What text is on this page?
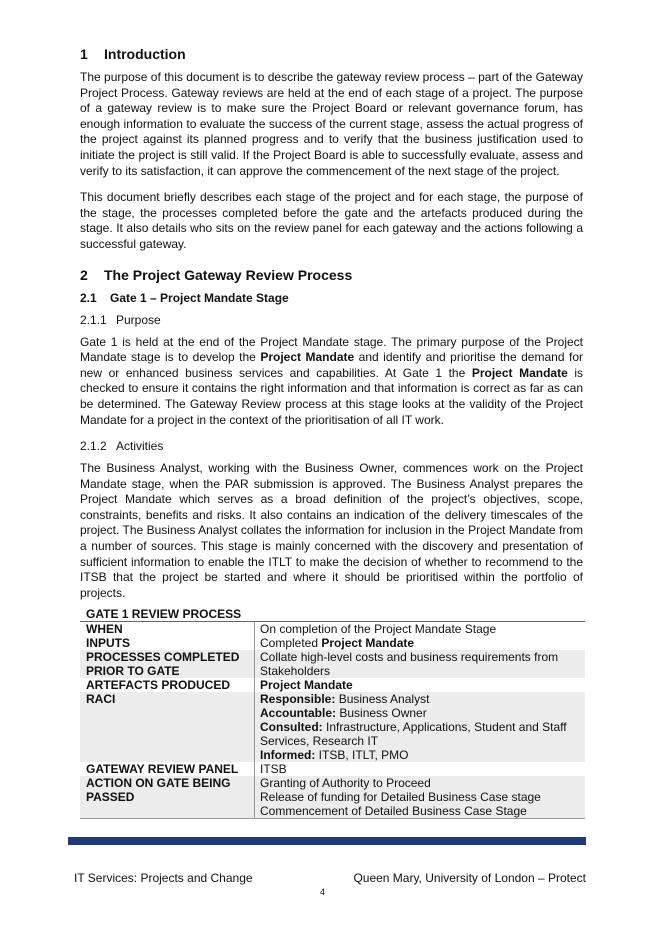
1 Introduction

The purpose of this document is to describe the gateway review process – part of the Gateway Project Process. Gateway reviews are held at the end of each stage of a project. The purpose of a gateway review is to make sure the Project Board or relevant governance forum, has enough information to evaluate the success of the current stage, assess the actual progress of the project against its planned progress and to verify that the business justification used to initiate the project is still valid. If the Project Board is able to successfully evaluate, assess and verify to its satisfaction, it can approve the commencement of the next stage of the project.

This document briefly describes each stage of the project and for each stage, the purpose of the stage, the processes completed before the gate and the artefacts produced during the stage. It also details who sits on the review panel for each gateway and the actions following a successful gateway.

2 The Project Gateway Review Process
2.1 Gate 1 – Project Mandate Stage
2.1.1 Purpose

Gate 1 is held at the end of the Project Mandate stage. The primary purpose of the Project Mandate stage is to develop the Project Mandate and identify and prioritise the demand for new or enhanced business services and capabilities. At Gate 1 the Project Mandate is checked to ensure it contains the right information and that information is correct as far as can be determined. The Gateway Review process at this stage looks at the validity of the Project Mandate for a project in the context of the prioritisation of all IT work.

2.1.2 Activities

The Business Analyst, working with the Business Owner, commences work on the Project Mandate stage, when the PAR submission is approved. The Business Analyst prepares the Project Mandate which serves as a broad definition of the project’s objectives, scope, constraints, benefits and risks. It also contains an indication of the delivery timescales of the project. The Business Analyst collates the information for inclusion in the Project Mandate from a number of sources. This stage is mainly concerned with the discovery and presentation of sufficient information to enable the ITLT to make the decision of whether to recommend to the ITSB that the project be started and where it should be prioritised within the portfolio of projects.

GATE 1 REVIEW PROCESS
WHEN	On completion of the Project Mandate Stage
INPUTS	Completed Project Mandate
PROCESSES COMPLETED PRIOR TO GATE	Collate high-level costs and business requirements from Stakeholders
ARTEFACTS PRODUCED	Project Mandate
RACI	Responsible: Business Analyst
Accountable: Business Owner
Consulted: Infrastructure, Applications, Student and Staff Services, Research IT
Informed: ITSB, ITLT, PMO

GATEWAY REVIEW PANEL	ITSB
ACTION ON GATE BEING PASSED	Granting of Authority to Proceed
Release of funding for Detailed Business Case stage
Commencement of Detailed Business Case Stage
IT Services: Projects and Change	Queen Mary, University of London – Protect
4
